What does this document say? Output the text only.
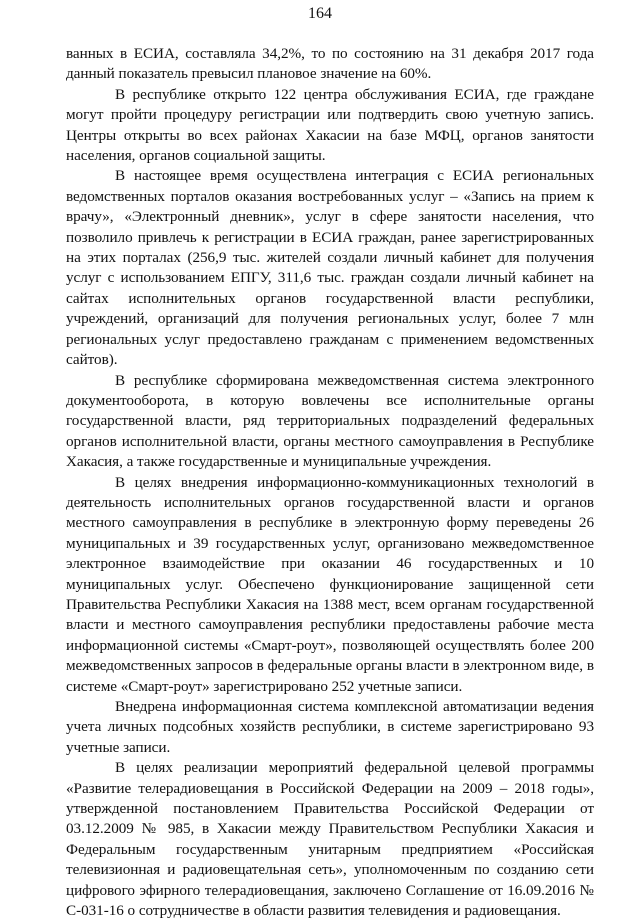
164

ванных в ЕСИА, составляла 34,2%, то по состоянию на 31 декабря 2017 года данный показатель превысил плановое значение на 60%.

В республике открыто 122 центра обслуживания ЕСИА, где граждане могут пройти процедуру регистрации или подтвердить свою учетную запись. Центры открыты во всех районах Хакасии на базе МФЦ, органов занятости населения, органов социальной защиты.

В настоящее время осуществлена интеграция с ЕСИА региональных ведомственных порталов оказания востребованных услуг – «Запись на прием к врачу», «Электронный дневник», услуг в сфере занятости населения, что позволило привлечь к регистрации в ЕСИА граждан, ранее зарегистрированных на этих порталах (256,9 тыс. жителей создали личный кабинет для получения услуг с использованием ЕПГУ, 311,6 тыс. граждан создали личный кабинет на сайтах исполнительных органов государственной власти республики, учреждений, организаций для получения региональных услуг, более 7 млн региональных услуг предоставлено гражданам с применением ведомственных сайтов).

В республике сформирована межведомственная система электронного документооборота, в которую вовлечены все исполнительные органы государственной власти, ряд территориальных подразделений федеральных органов исполнительной власти, органы местного самоуправления в Республике Хакасия, а также государственные и муниципальные учреждения.

В целях внедрения информационно-коммуникационных технологий в деятельность исполнительных органов государственной власти и органов местного самоуправления в республике в электронную форму переведены 26 муниципальных и 39 государственных услуг, организовано межведомственное электронное взаимодействие при оказании 46 государственных и 10 муниципальных услуг. Обеспечено функционирование защищенной сети Правительства Республики Хакасия на 1388 мест, всем органам государственной власти и местного самоуправления республики предоставлены рабочие места информационной системы «Смарт-роут», позволяющей осуществлять более 200 межведомственных запросов в федеральные органы власти в электронном виде, в системе «Смарт-роут» зарегистрировано 252 учетные записи.

Внедрена информационная система комплексной автоматизации ведения учета личных подсобных хозяйств республики, в системе зарегистрировано 93 учетные записи.

В целях реализации мероприятий федеральной целевой программы «Развитие телерадиовещания в Российской Федерации на 2009 – 2018 годы», утвержденной постановлением Правительства Российской Федерации от 03.12.2009 № 985, в Хакасии между Правительством Республики Хакасия и Федеральным государственным унитарным предприятием «Российская телевизионная и радиовещательная сеть», уполномоченным по созданию сети цифрового эфирного телерадиовещания, заключено Соглашение от 16.09.2016 № С-031-16 о сотрудничестве в области развития телевидения и радиовещания.
